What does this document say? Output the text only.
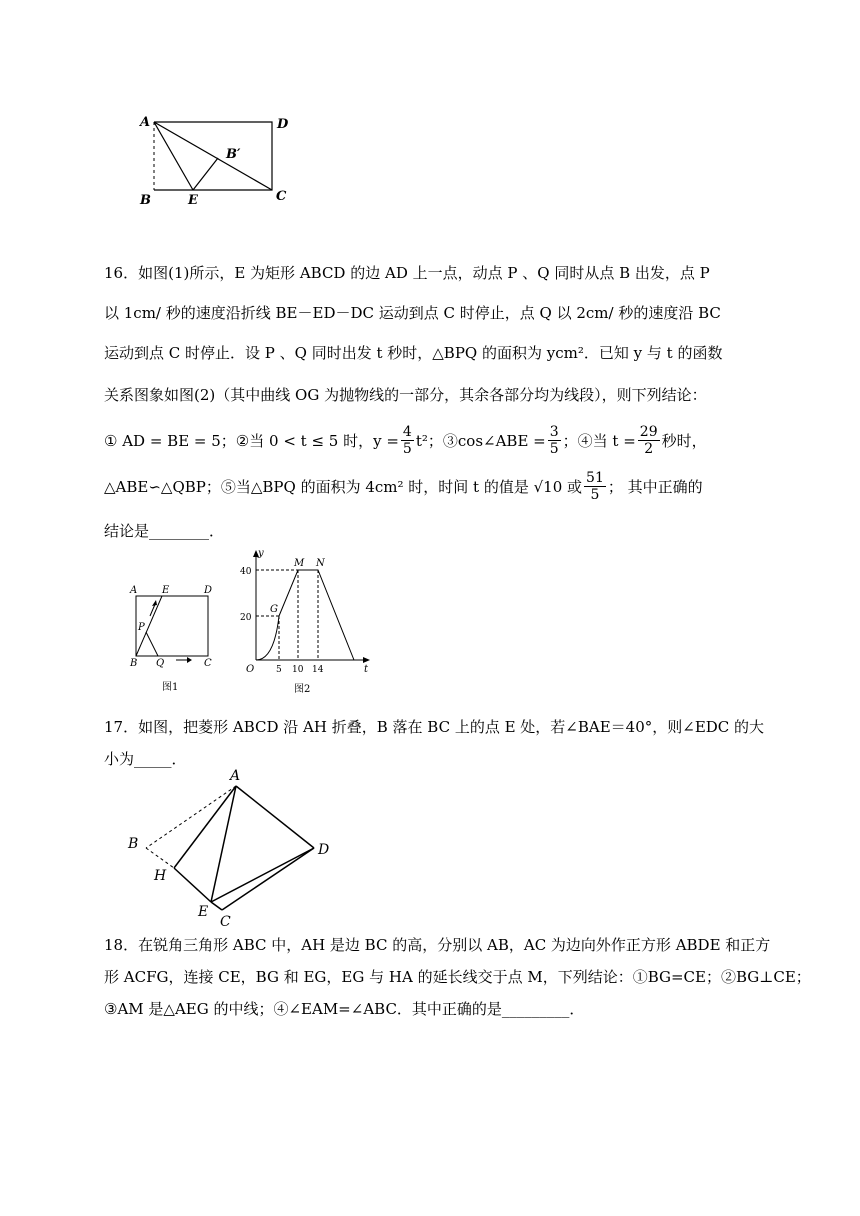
A	D
B′
B	E	C
16．如图(1)所示，E 为矩形 ABCD 的边 AD 上一点，动点 P 、Q 同时从点 B 出发，点 P
以 1cm/ 秒的速度沿折线 BE－ED－DC 运动到点 C 时停止，点 Q 以 2cm/ 秒的速度沿 BC
运动到点 C 时停止．设 P 、Q 同时出发 t 秒时，△BPQ 的面积为 ycm²．已知 y 与 t 的函数
关系图象如图(2)（其中曲线 OG 为抛物线的一部分，其余各部分均为线段），则下列结论：
① AD = BE = 5；②当 0 < t ≤ 5 时，$y = \frac{4}{5} t^2$；③cos∠ABE = $\frac{3}{5}$ ；④当 $t = \frac{29}{2}$ 秒时，
△ABE∽△QBP；⑤当△BPQ 的面积为 4cm² 时，时间 t 的值是 √10 或 $\frac{51}{5}$ ； 其中正确的
结论是________．
A E	D
P
B Q	C
图1
y
M N
G
40
20
O 5 10 14	t
图2
17．如图，把菱形 ABCD 沿 AH 折叠，B 落在 BC 上的点 E 处，若∠BAE＝40°，则∠EDC 的大
小为_____．
A
B
H
D
E
C
18．在锐角三角形 ABC 中，AH 是边 BC 的高，分别以 AB，AC 为边向外作正方形 ABDE 和正方
形 ACFG，连接 CE，BG 和 EG，EG 与 HA 的延长线交于点 M，下列结论：①BG=CE；②BG⊥CE；
③AM 是△AEG 的中线；④∠EAM=∠ABC．其中正确的是_________．
